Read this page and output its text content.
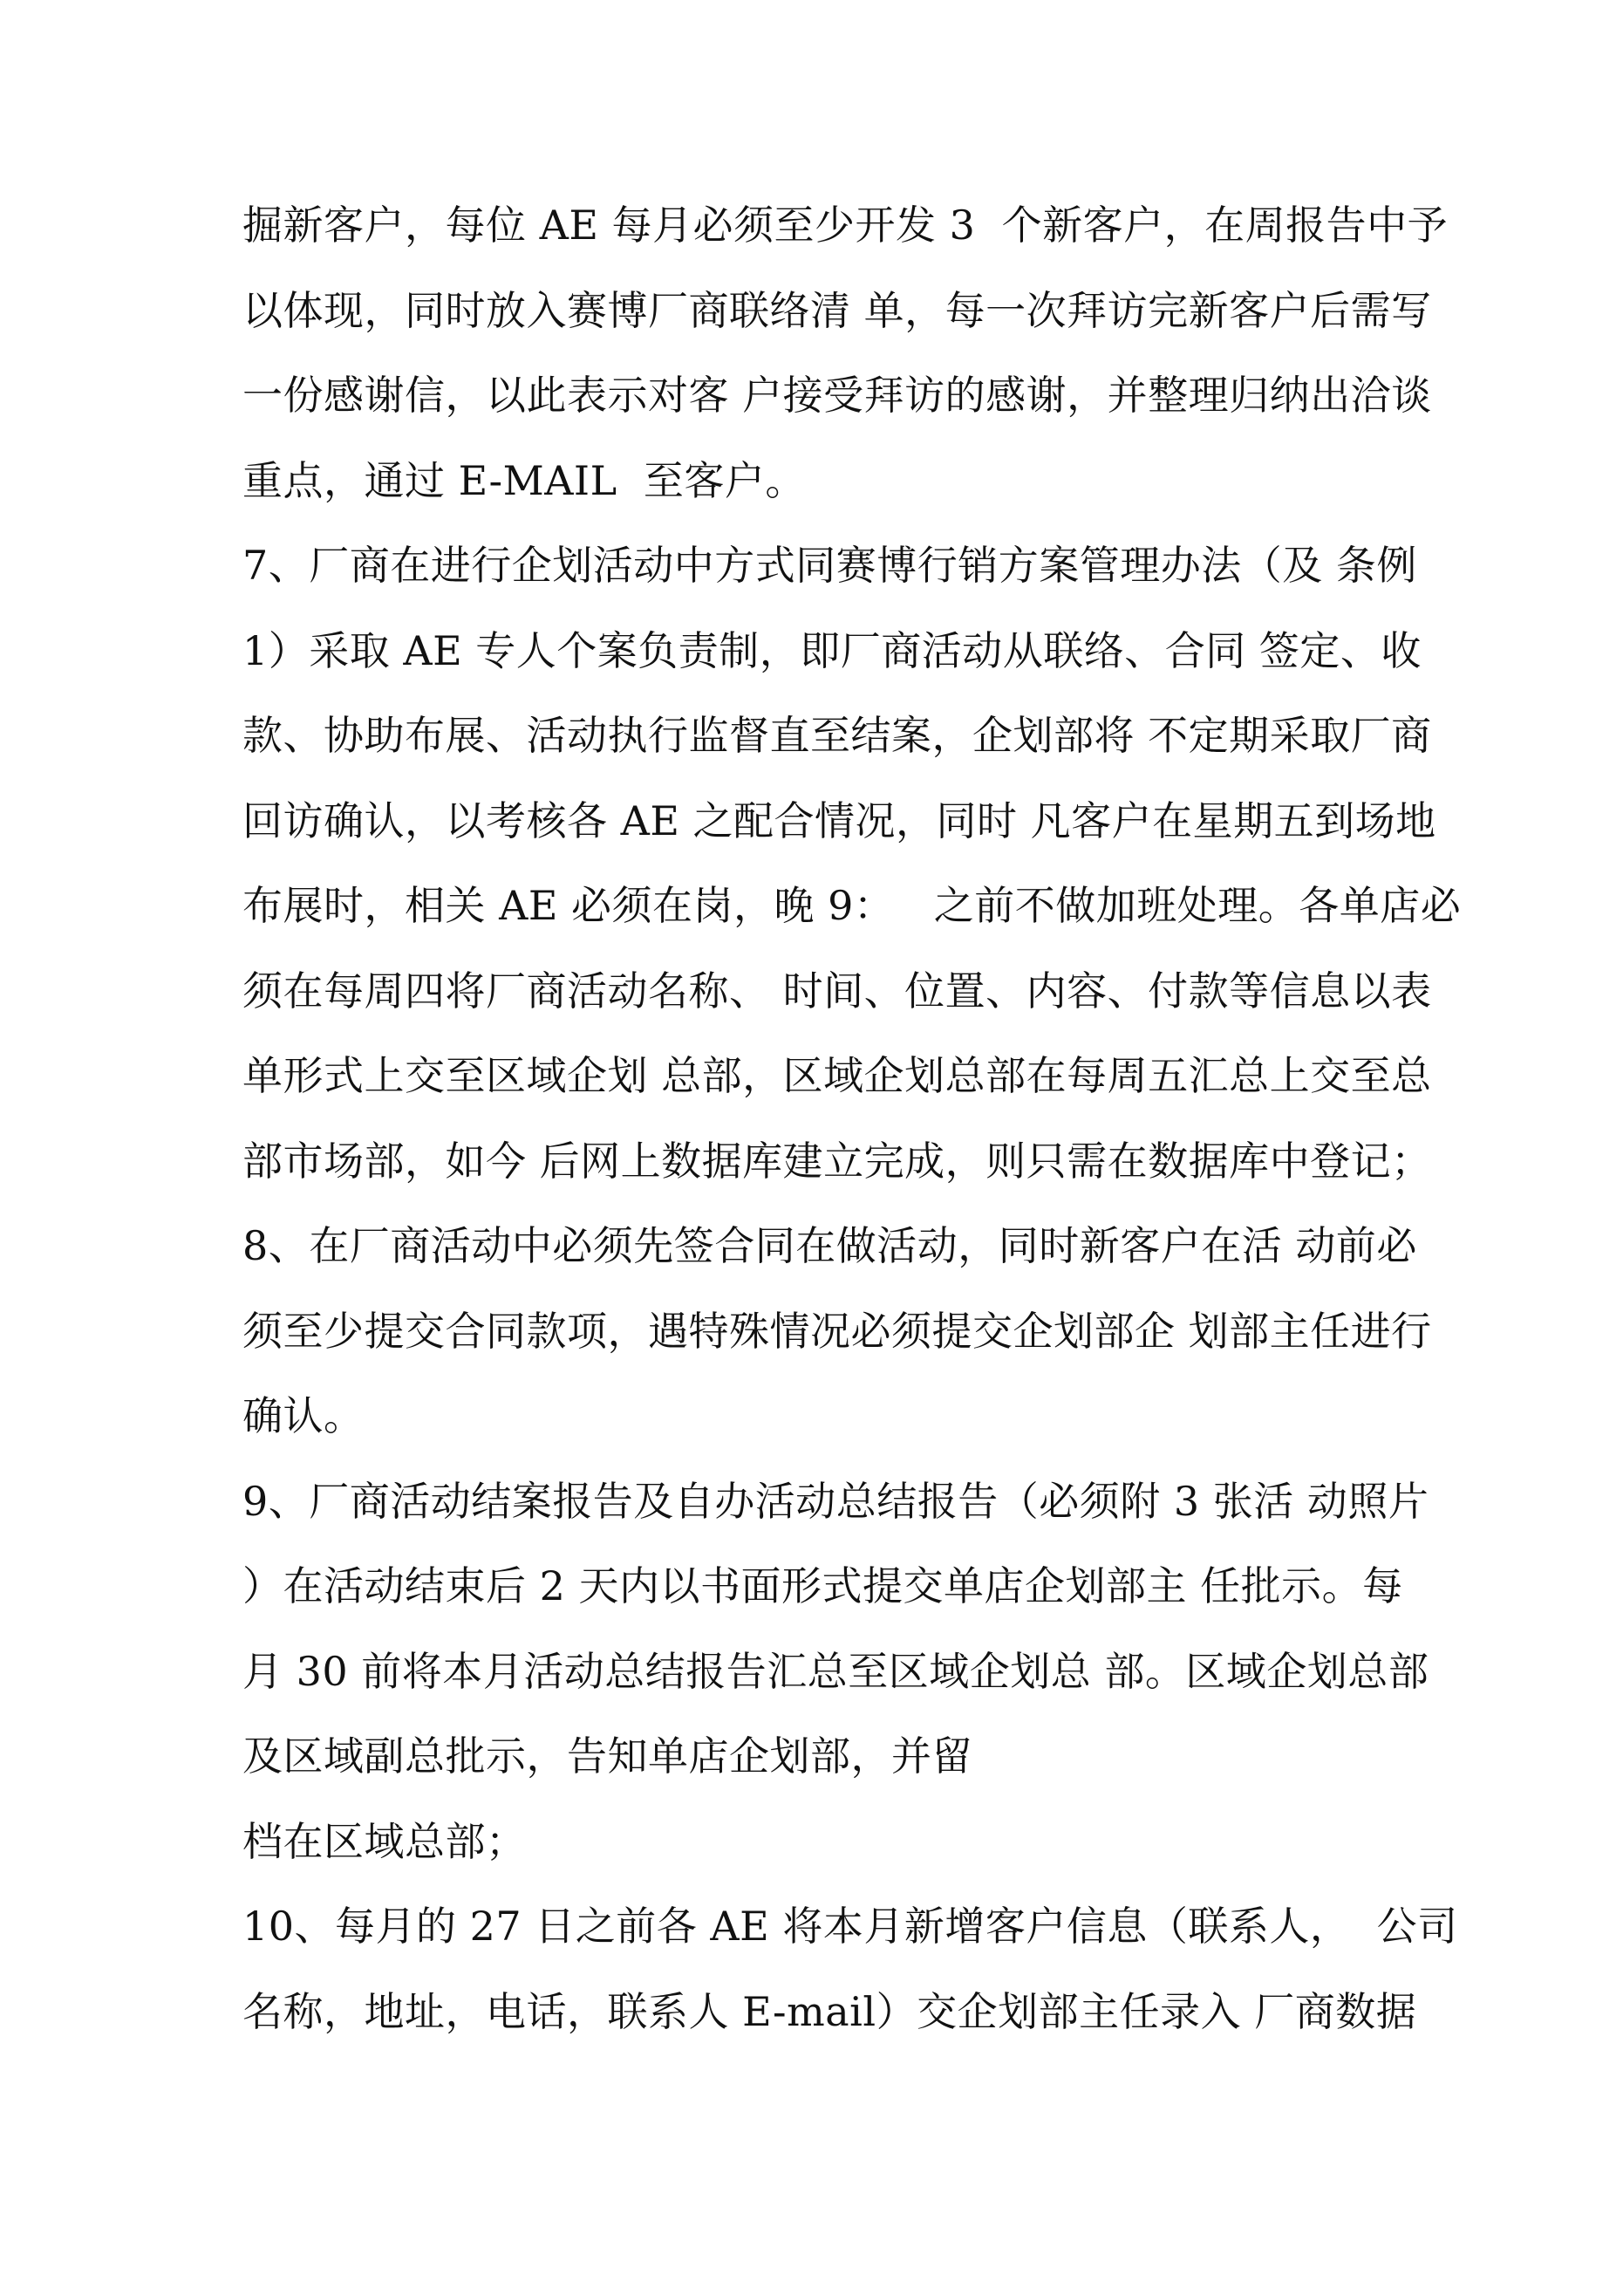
掘新客户，每位 AE 每月必须至少开发 3  个新客户，在周报告中予
以体现，同时放入赛博厂商联络清 单，每一次拜访完新客户后需写
一份感谢信，以此表示对客 户接受拜访的感谢，并整理归纳出洽谈
重点，通过 E-MAIL  至客户。
7、厂商在进行企划活动中方式同赛博行销方案管理办法（及 条例
1）采取 AE 专人个案负责制，即厂商活动从联络、合同 签定、收
款、协助布展、活动执行监督直至结案，企划部将 不定期采取厂商
回访确认，以考核各 AE 之配合情况，同时 凡客户在星期五到场地
布展时，相关 AE 必须在岗，晚 9：   之前不做加班处理。各单店必
须在每周四将厂商活动名称、 时间、位置、内容、付款等信息以表
单形式上交至区域企划 总部，区域企划总部在每周五汇总上交至总
部市场部，如今 后网上数据库建立完成，则只需在数据库中登记；
8、在厂商活动中必须先签合同在做活动，同时新客户在活 动前必
须至少提交合同款项，遇特殊情况必须提交企划部企 划部主任进行
确认。
9、厂商活动结案报告及自办活动总结报告（必须附 3 张活 动照片
）在活动结束后 2 天内以书面形式提交单店企划部主 任批示。每
月 30 前将本月活动总结报告汇总至区域企划总 部。区域企划总部
及区域副总批示，告知单店企划部，并留
档在区域总部；
10、每月的 27 日之前各 AE 将本月新增客户信息（联系人，  公司
名称，地址，电话，联系人 E-mail）交企划部主任录入 厂商数据
